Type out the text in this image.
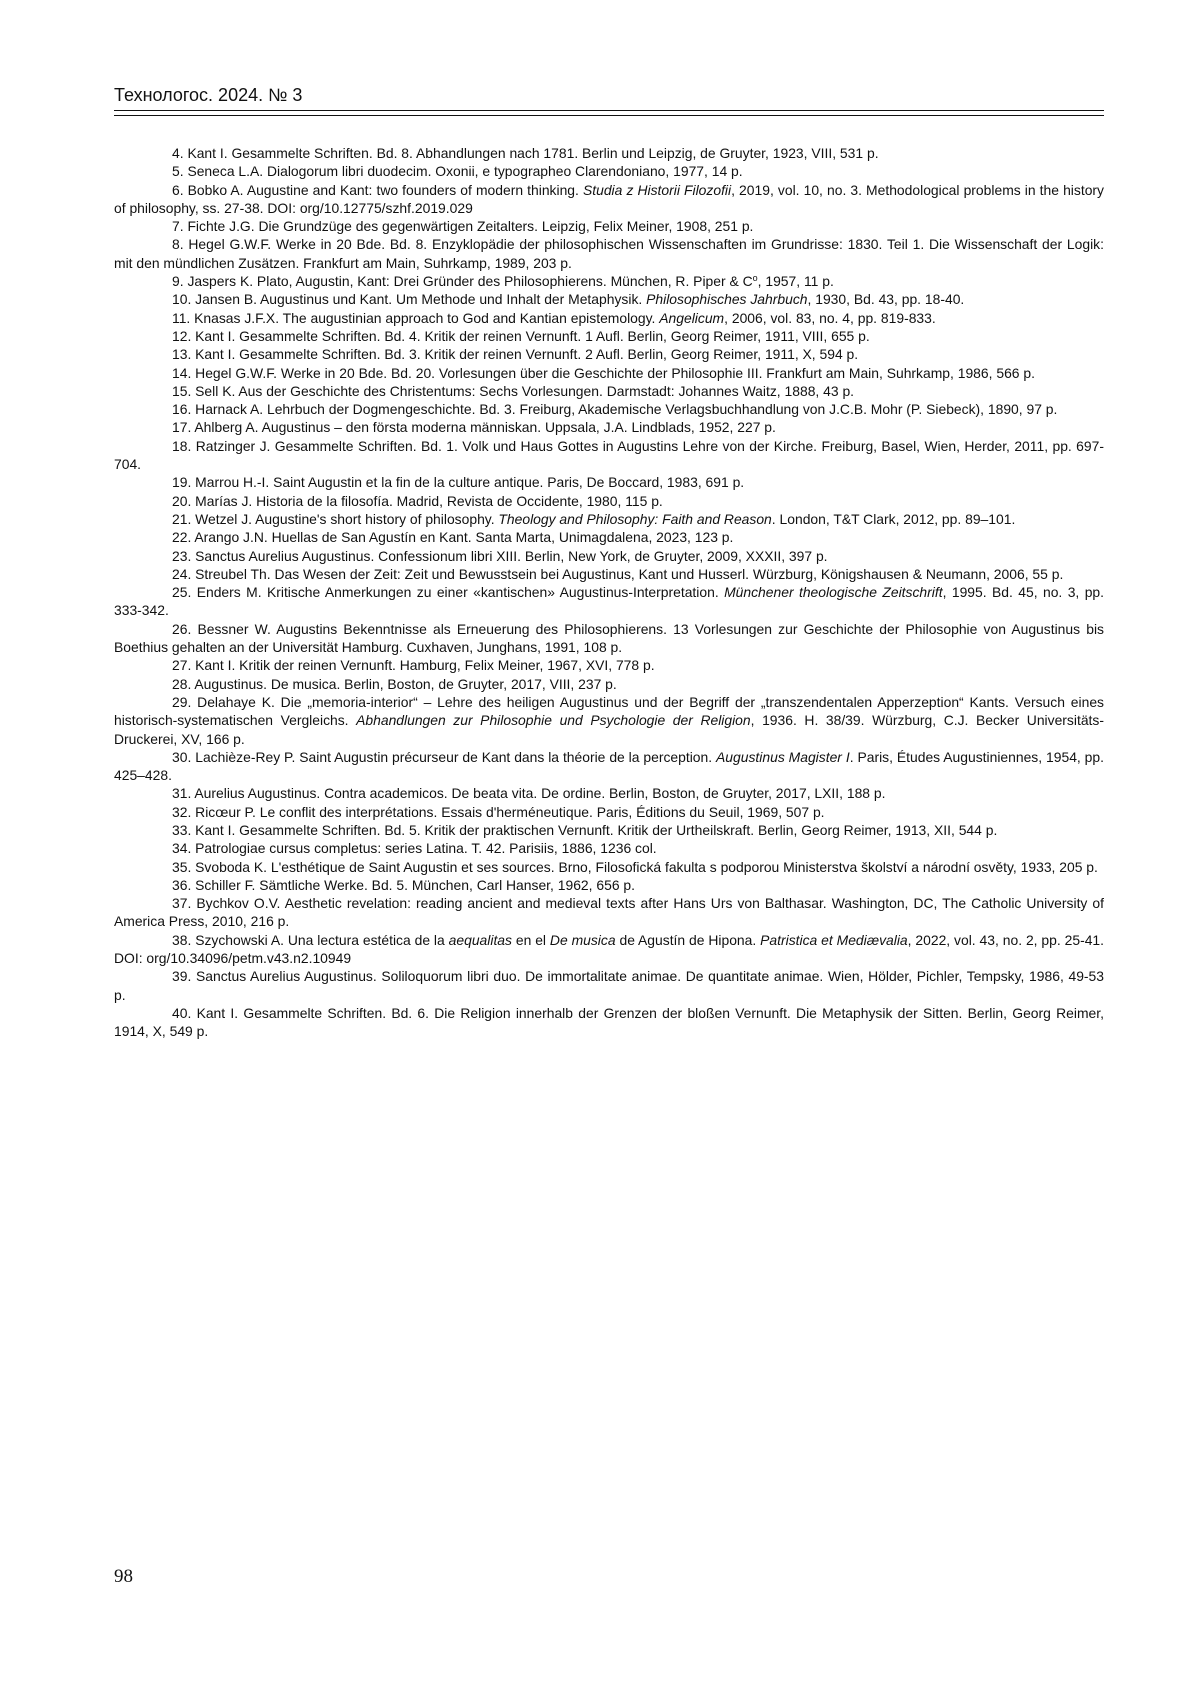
Технологос. 2024. № 3

4. Kant I. Gesammelte Schriften. Bd. 8. Abhandlungen nach 1781. Berlin und Leipzig, de Gruyter, 1923, VIII, 531 p.

5. Seneca L.A. Dialogorum libri duodecim. Oxonii, e typographeo Clarendoniano, 1977, 14 p.

6. Bobko A. Augustine and Kant: two founders of modern thinking. Studia z Historii Filozofii, 2019, vol. 10, no. 3. Methodological problems in the history of philosophy, ss. 27-38. DOI: org/10.12775/szhf.2019.029

7. Fichte J.G. Die Grundzüge des gegenwärtigen Zeitalters. Leipzig, Felix Meiner, 1908, 251 p.

8. Hegel G.W.F. Werke in 20 Bde. Bd. 8. Enzyklopädie der philosophischen Wissenschaften im Grundrisse: 1830. Teil 1. Die Wissenschaft der Logik: mit den mündlichen Zusätzen. Frankfurt am Main, Suhrkamp, 1989, 203 p.

9. Jaspers K. Plato, Augustin, Kant: Drei Gründer des Philosophierens. München, R. Piper & $C^o$, 1957, 11 p.

10. Jansen B. Augustinus und Kant. Um Methode und Inhalt der Metaphysik. Philosophisches Jahrbuch, 1930, Bd. 43, pp. 18-40.

11. Knasas J.F.X. The augustinian approach to God and Kantian epistemology. Angelicum, 2006, vol. 83, no. 4, pp. 819-833.

12. Kant I. Gesammelte Schriften. Bd. 4. Kritik der reinen Vernunft. 1 Aufl. Berlin, Georg Reimer, 1911, VIII, 655 p.

13. Kant I. Gesammelte Schriften. Bd. 3. Kritik der reinen Vernunft. 2 Aufl. Berlin, Georg Reimer, 1911, X, 594 p.

14. Hegel G.W.F. Werke in 20 Bde. Bd. 20. Vorlesungen über die Geschichte der Philosophie III. Frankfurt am Main, Suhrkamp, 1986, 566 p.

15. Sell K. Aus der Geschichte des Christentums: Sechs Vorlesungen. Darmstadt: Johannes Waitz, 1888, 43 p.

16. Harnack A. Lehrbuch der Dogmengeschichte. Bd. 3. Freiburg, Akademische Verlagsbuchhandlung von J.C.B. Mohr (P. Siebeck), 1890, 97 p.

17. Ahlberg A. Augustinus – den första moderna människan. Uppsala, J.A. Lindblads, 1952, 227 p.

18. Ratzinger J. Gesammelte Schriften. Bd. 1. Volk und Haus Gottes in Augustins Lehre von der Kirche. Freiburg, Basel, Wien, Herder, 2011, pp. 697-704.

19. Marrou H.-I. Saint Augustin et la fin de la culture antique. Paris, De Boccard, 1983, 691 p.

20. Marías J. Historia de la filosofía. Madrid, Revista de Occidente, 1980, 115 p.

21. Wetzel J. Augustine's short history of philosophy. Theology and Philosophy: Faith and Reason. London, T&T Clark, 2012, pp. 89–101.

22. Arango J.N. Huellas de San Agustín en Kant. Santa Marta, Unimagdalena, 2023, 123 p.

23. Sanctus Aurelius Augustinus. Confessionum libri XIII. Berlin, New York, de Gruyter, 2009, XXXII, 397 p.

24. Streubel Th. Das Wesen der Zeit: Zeit und Bewusstsein bei Augustinus, Kant und Husserl. Würzburg, Königshausen & Neumann, 2006, 55 p.

25. Enders M. Kritische Anmerkungen zu einer «kantischen» Augustinus-Interpretation. Münchener theologische Zeitschrift, 1995. Bd. 45, no. 3, pp. 333-342.

26. Bessner W. Augustins Bekenntnisse als Erneuerung des Philosophierens. 13 Vorlesungen zur Geschichte der Philosophie von Augustinus bis Boethius gehalten an der Universität Hamburg. Cuxhaven, Junghans, 1991, 108 p.

27. Kant I. Kritik der reinen Vernunft. Hamburg, Felix Meiner, 1967, XVI, 778 p.

28. Augustinus. De musica. Berlin, Boston, de Gruyter, 2017, VIII, 237 p.

29. Delahaye K. Die „memoria-interior“ – Lehre des heiligen Augustinus und der Begriff der „transzendentalen Apperzeption“ Kants. Versuch eines historisch-systematischen Vergleichs. Abhandlungen zur Philosophie und Psychologie der Religion, 1936. H. 38/39. Würzburg, C.J. Becker Universitäts-Druckerei, XV, 166 p.

30. Lachièze-Rey P. Saint Augustin précurseur de Kant dans la théorie de la perception. Augustinus Magister I. Paris, Études Augustiniennes, 1954, pp. 425–428.

31. Aurelius Augustinus. Contra academicos. De beata vita. De ordine. Berlin, Boston, de Gruyter, 2017, LXII, 188 p.

32. Ricœur P. Le conflit des interprétations. Essais d'herméneutique. Paris, Éditions du Seuil, 1969, 507 p.

33. Kant I. Gesammelte Schriften. Bd. 5. Kritik der praktischen Vernunft. Kritik der Urtheilskraft. Berlin, Georg Reimer, 1913, XII, 544 p.

34. Patrologiae cursus completus: series Latina. T. 42. Parisiis, 1886, 1236 col.

35. Svoboda K. L'esthétique de Saint Augustin et ses sources. Brno, Filosofická fakulta s podporou Ministerstva školství a národní osvěty, 1933, 205 p.

36. Schiller F. Sämtliche Werke. Bd. 5. München, Carl Hanser, 1962, 656 p.

37. Bychkov O.V. Aesthetic revelation: reading ancient and medieval texts after Hans Urs von Balthasar. Washington, DC, The Catholic University of America Press, 2010, 216 p.

38. Szychowski A. Una lectura estética de la aequalitas en el De musica de Agustín de Hipona. Patristica et Mediævalia, 2022, vol. 43, no. 2, pp. 25-41. DOI: org/10.34096/petm.v43.n2.10949

39. Sanctus Aurelius Augustinus. Soliloquorum libri duo. De immortalitate animae. De quantitate animae. Wien, Hölder, Pichler, Tempsky, 1986, 49-53 p.

40. Kant I. Gesammelte Schriften. Bd. 6. Die Religion innerhalb der Grenzen der bloßen Vernunft. Die Metaphysik der Sitten. Berlin, Georg Reimer, 1914, X, 549 p.

98
